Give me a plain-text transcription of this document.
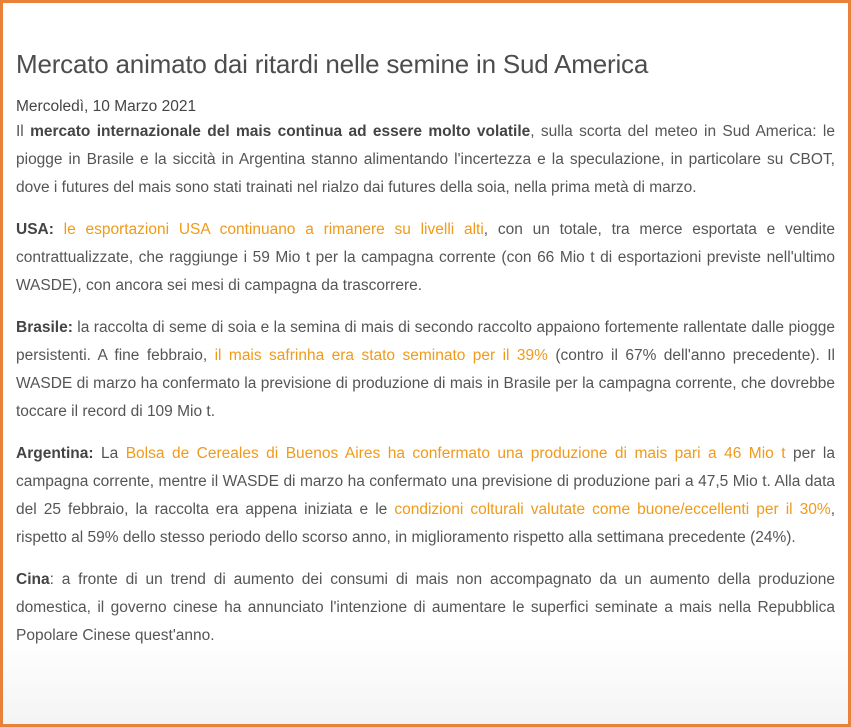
Mercato animato dai ritardi nelle semine in Sud America
Mercoledì, 10 Marzo 2021

Il mercato internazionale del mais continua ad essere molto volatile, sulla scorta del meteo in Sud America: le piogge in Brasile e la siccità in Argentina stanno alimentando l'incertezza e la speculazione, in particolare su CBOT, dove i futures del mais sono stati trainati nel rialzo dai futures della soia, nella prima metà di marzo.

USA: le esportazioni USA continuano a rimanere su livelli alti, con un totale, tra merce esportata e vendite contrattualizzate, che raggiunge i 59 Mio t per la campagna corrente (con 66 Mio t di esportazioni previste nell'ultimo WASDE), con ancora sei mesi di campagna da trascorrere.

Brasile: la raccolta di seme di soia e la semina di mais di secondo raccolto appaiono fortemente rallentate dalle piogge persistenti. A fine febbraio, il mais safrinha era stato seminato per il 39% (contro il 67% dell'anno precedente). Il WASDE di marzo ha confermato la previsione di produzione di mais in Brasile per la campagna corrente, che dovrebbe toccare il record di 109 Mio t.

Argentina: La Bolsa de Cereales di Buenos Aires ha confermato una produzione di mais pari a 46 Mio t per la campagna corrente, mentre il WASDE di marzo ha confermato una previsione di produzione pari a 47,5 Mio t. Alla data del 25 febbraio, la raccolta era appena iniziata e le condizioni colturali valutate come buone/eccellenti per il 30%, rispetto al 59% dello stesso periodo dello scorso anno, in miglioramento rispetto alla settimana precedente (24%).

Cina: a fronte di un trend di aumento dei consumi di mais non accompagnato da un aumento della produzione domestica, il governo cinese ha annunciato l'intenzione di aumentare le superfici seminate a mais nella Repubblica Popolare Cinese quest'anno.
